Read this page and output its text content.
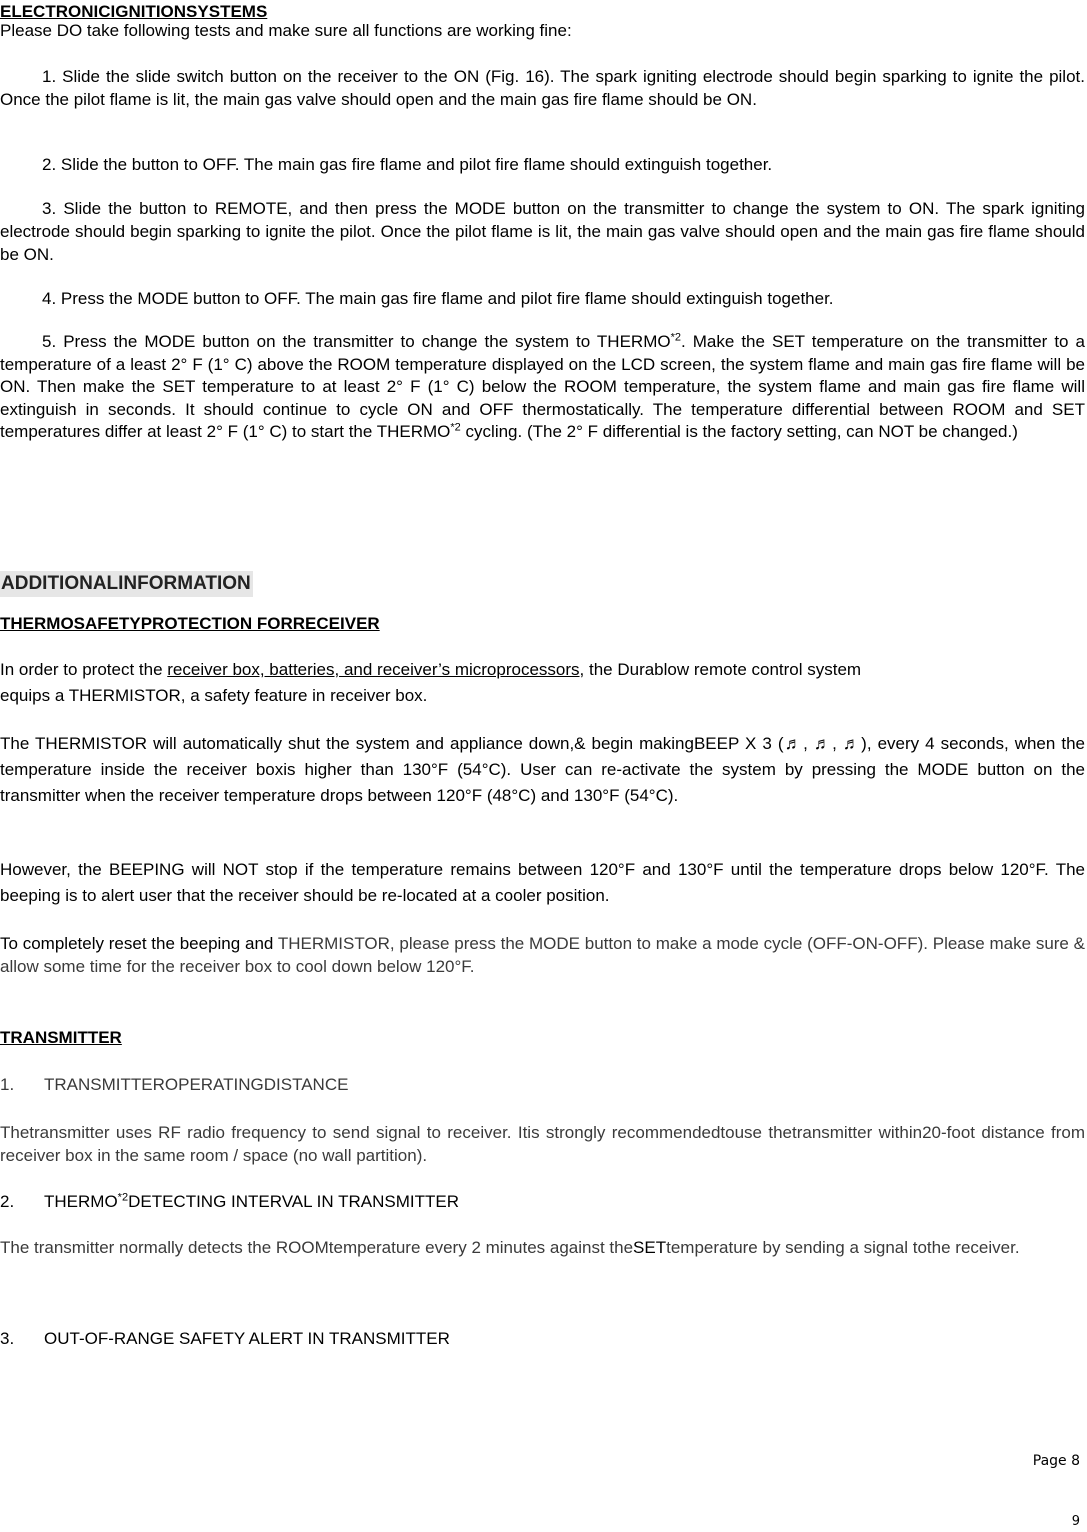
ELECTRONICIGNITIONSYSTEMS
Please DO take following tests and make sure all functions are working fine:

1. Slide the slide switch button on the receiver to the ON (Fig. 16). The spark igniting electrode should begin sparking to ignite the pilot. Once the pilot flame is lit, the main gas valve should open and the main gas fire flame should be ON.

2. Slide the button to OFF. The main gas fire flame and pilot fire flame should extinguish together.

3. Slide the button to REMOTE, and then press the MODE button on the transmitter to change the system to ON. The spark igniting electrode should begin sparking to ignite the pilot. Once the pilot flame is lit, the main gas valve should open and the main gas fire flame should be ON.

4. Press the MODE button to OFF. The main gas fire flame and pilot fire flame should extinguish together.

5. Press the MODE button on the transmitter to change the system to THERMO$^{*2}$. Make the SET temperature on the transmitter to a temperature of a least 2° F (1° C) above the ROOM temperature displayed on the LCD screen, the system flame and main gas fire flame will be ON. Then make the SET temperature to at least 2° F (1° C) below the ROOM temperature, the system flame and main gas fire flame will extinguish in seconds. It should continue to cycle ON and OFF thermostatically. The temperature differential between ROOM and SET temperatures differ at least 2° F (1° C) to start the THERMO$^{*2}$ cycling. (The 2° F differential is the factory setting, can NOT be changed.)

ADDITIONALINFORMATION
THERMOSAFETYPROTECTION FORRECEIVER

In order to protect the receiver box, batteries, and receiver’s microprocessors, the Durablow remote control system
equips a THERMISTOR, a safety feature in receiver box.

The THERMISTOR will automatically shut the system and appliance down,& begin makingBEEP X 3 (♬, ♬, ♬), every 4 seconds, when the temperature inside the receiver boxis higher than 130°F (54°C). User can re-activate the system by pressing the MODE button on the transmitter when the receiver temperature drops between 120°F (48°C) and 130°F (54°C).

However, the BEEPING will NOT stop if the temperature remains between 120°F and 130°F until the temperature drops below 120°F. The beeping is to alert user that the receiver should be re-located at a cooler position.

To completely reset the beeping and THERMISTOR, please press the MODE button to make a mode cycle (OFF-ON-OFF). Please make sure & allow some time for the receiver box to cool down below 120°F.

TRANSMITTER
1. TRANSMITTEROPERATINGDISTANCE

Thetransmitter uses RF radio frequency to send signal to receiver. Itis strongly recommendedtouse thetransmitter within20-foot distance from receiver box in the same room / space (no wall partition).

2. THERMO$^{*2}$DETECTING INTERVAL IN TRANSMITTER

The transmitter normally detects the ROOMtemperature every 2 minutes against theSETtemperature by sending a signal tothe receiver.

3. OUT-OF-RANGE SAFETY ALERT IN TRANSMITTER
Page 8
9
